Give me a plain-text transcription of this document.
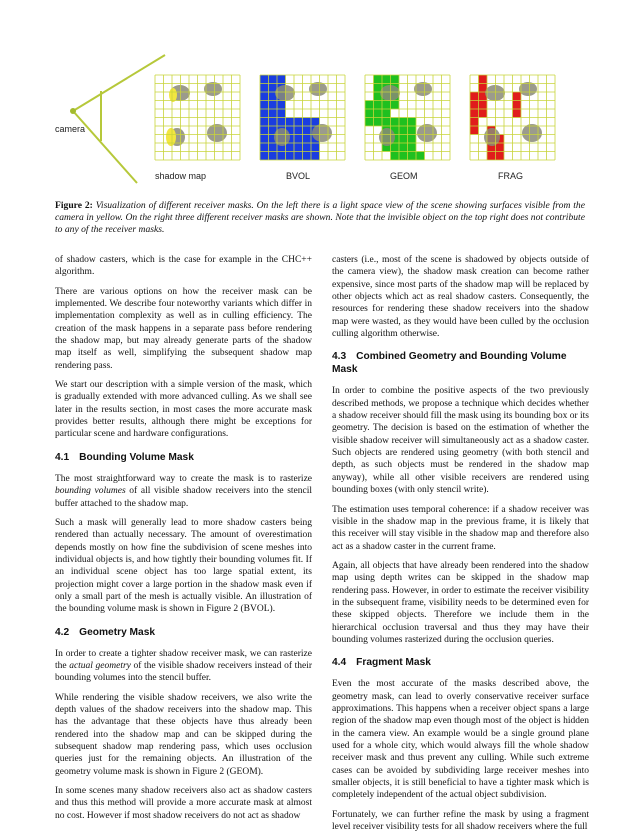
camera
shadow map	BVOL	GEOM	FRAG
Figure 2: Visualization of different receiver masks. On the left there is a light space view of the scene showing surfaces visible from the camera in yellow. On the right three different receiver masks are shown. Note that the invisible object on the top right does not contribute to any of the receiver masks.

of shadow casters, which is the case for example in the CHC++ algorithm.

There are various options on how the receiver mask can be implemented. We describe four noteworthy variants which differ in implementation complexity as well as in culling efficiency. The creation of the mask happens in a separate pass before rendering the shadow map, but may already generate parts of the shadow map itself as well, simplifying the subsequent shadow map rendering pass.

We start our description with a simple version of the mask, which is gradually extended with more advanced culling. As we shall see later in the results section, in most cases the more accurate mask provides better results, although there might be exceptions for particular scene and hardware configurations.

4.1 Bounding Volume Mask

The most straightforward way to create the mask is to rasterize bounding volumes of all visible shadow receivers into the stencil buffer attached to the shadow map.

Such a mask will generally lead to more shadow casters being rendered than actually necessary. The amount of overestimation depends mostly on how fine the subdivision of scene meshes into individual objects is, and how tightly their bounding volumes fit. If an individual scene object has too large spatial extent, its projection might cover a large portion in the shadow mask even if only a small part of the mesh is actually visible. An illustration of the bounding volume mask is shown in Figure 2 (BVOL).

4.2 Geometry Mask

In order to create a tighter shadow receiver mask, we can rasterize the actual geometry of the visible shadow receivers instead of their bounding volumes into the stencil buffer.

While rendering the visible shadow receivers, we also write the depth values of the shadow receivers into the shadow map. This has the advantage that these objects have thus already been rendered into the shadow map and can be skipped during the subsequent shadow map rendering pass, which uses occlusion queries just for the remaining objects. An illustration of the geometry volume mask is shown in Figure 2 (GEOM).

In some scenes many shadow receivers also act as shadow casters and thus this method will provide a more accurate mask at almost no cost. However if most shadow receivers do not act as shadow

casters (i.e., most of the scene is shadowed by objects outside of the camera view), the shadow mask creation can become rather expensive, since most parts of the shadow map will be replaced by other objects which act as real shadow casters. Consequently, the resources for rendering these shadow receivers into the shadow map were wasted, as they would have been culled by the occlusion culling algorithm otherwise.

4.3 Combined Geometry and Bounding Volume Mask

In order to combine the positive aspects of the two previously described methods, we propose a technique which decides whether a shadow receiver should fill the mask using its bounding box or its geometry. The decision is based on the estimation of whether the visible shadow receiver will simultaneously act as a shadow caster. Such objects are rendered using geometry (with both stencil and depth, as such objects must be rendered in the shadow map anyway), while all other visible receivers are rendered using bounding boxes (with only stencil write).

The estimation uses temporal coherence: if a shadow receiver was visible in the shadow map in the previous frame, it is likely that this receiver will stay visible in the shadow map and therefore also act as a shadow caster in the current frame.

Again, all objects that have already been rendered into the shadow map using depth writes can be skipped in the shadow map rendering pass. However, in order to estimate the receiver visibility in the subsequent frame, visibility needs to be determined even for these skipped objects. Therefore we include them in the hierarchical occlusion traversal and thus they may have their bounding volumes rasterized during the occlusion queries.

4.4 Fragment Mask

Even the most accurate of the masks described above, the geometry mask, can lead to overly conservative receiver surface approximations. This happens when a receiver object spans a large region of the shadow map even though most of the object is hidden in the camera view. An example would be a single ground plane used for a whole city, which would always fill the whole shadow receiver mask and thus prevent any culling. While such extreme cases can be avoided by subdividing large receiver meshes into smaller objects, it is still beneficial to have a tighter mask which is completely independent of the actual object subdivision.

Fortunately, we can further refine the mask by using a fragment level receiver visibility tests for all shadow receivers where the full
